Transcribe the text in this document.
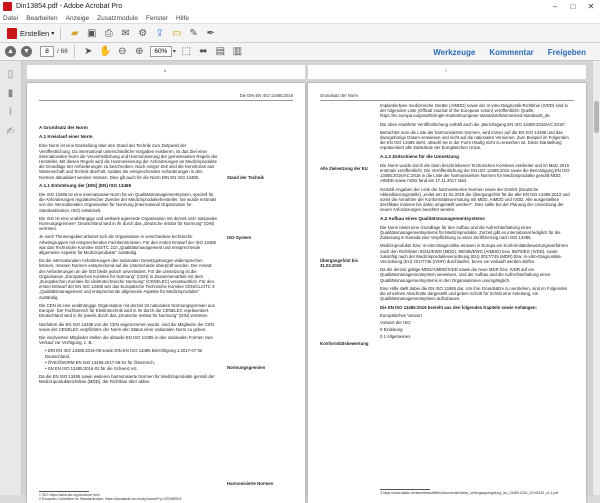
Din13854.pdf - Adobe Acrobat Pro	–	□	✕
Datei Bearbeiten Anzeige Zusatzmodule Fenster Hilfe
Erstellen ▾ ▰ ▣ ⎙ ✉ ⚙ ⇪ ▭ ✎ ✒
▲ ▼	8	/ 66 ➤ ✋ ⊖ ⊕	60% ▾ ⬚ ⬌ ▤ ▥	Werkzeuge Kommentar Freigeben
▯
▮
⌇
✍
6	7
Die DIN EN ISO 13485:2016
A Grundsatz der Norm
A.1 Kreislauf einer Norm

Eine Norm ist eine Darstellung über den Stand der Technik zum Zeitpunkt der Veröffentlichung. Da international unterschiedliche Vorgaben existieren, ist das Ziel einer internationalen Norm die Vereinheitlichung und Harmonisierung der gemeinsamen Regeln der Hersteller. Mit diesen Regeln wird die Harmonisierung der Anforderungen an Medizinprodukte als Grundlage der Anforderungen zu beschreiben. Nach einiger Zeit sind die Kenntnisse aus Wissenschaft und Technik überholt, sodass die entsprechenden Anforderungen in den Normen aktualisiert werden müssen. Dies gilt auch für die Norm DIN EN ISO 13485.

A.1.1 Entstehung der [DIN] (EN) ISO 13485

Die ISO 13485 ist eine internationale Norm für ein Qualitätsmanagementsystem, speziell für die Anforderungen regulatorischer Zwecke der Medizinproduktehersteller. Sie wurde erstmals von der Internationalen Organisation für Normung (International Organization for Standardization, ISO) entwickelt.

Die ISO ist eine unabhängige und weltweit agierende Organisation mit derzeit 161¹ nationalen Normungsgremien². Deutschland wird in ihr durch das „Deutsche Institut für Normung“ (DIN) vertreten.

Je nach Themengebiet arbeitet sich die Organisation in verschiedene technische Arbeitsgruppen mit entsprechenden Fachkenntnissen. Für den ersten Entwurf der ISO 13485 war das Technische Komitee ISO/TC 210 „Qualitätsmanagement und entsprechende allgemeine Aspekte für Medizinprodukte“ zuständig.

Da die internationalen Anforderungen den nationalen Gesetzgebungen widersprechen können, müssen Normen entsprechend auf die Unterschiede überprüft werden. Der Ansatz der Anforderungen an die ISO bleibt jedoch unverändert. Für die Umsetzung ist die Organisation „Europäisches Komitee für Normung“ (CEN) in Zusammenarbeit mit dem „Europäischen Komitee für elektrotechnische Normung“ (CENELEC) verantwortlich. Für den ersten Entwurf der EN ISO 13485 war das Europäische Technische Komitee CEN/CLC/TC 3 „Qualitätsmanagement und entsprechende allgemeine Aspekte für Medizinprodukte“ zuständig.

Die CEN ist eine unabhängige Organisation mit derzeit 34 nationalen Normungsgremien aus Europa². Der Fachbereich für Elektrotechnik wird in ihr durch die CENELEC repräsentiert. Deutschland wird in ihr jeweils durch das „Deutsche Institut für Normung“ (DIN) vertreten.

Nachdem die EN ISO 13485 von der CEN angenommen wurde, sind die Mitglieder der CEN sowie der CENELEC verpflichtet, der Norm den Status einer nationalen Norm zu geben.

Die involvierten Mitglieder stellen die aktuelle EN ISO 13485 in den nationalen Formen zum Verkauf zur Verfügung, z. B.:

• DIN EN ISO 13485:2016-08 sowie DIN EN ISO 13485 Berichtigung 1:2017-07 für Deutschland,

• ÖVE/ÖNORM EN ISO 13485:2017-06-01 für Österreich,

• SN EN ISO 13485:2016-03 für die Schweiz etc.

Da die EN ISO 13485 sowie weiteren harmonisierte Normen für Medizinprodukte gemäß der Medizinprodukterichtlinie (MDD), der Richtlinie über aktive

Stand der Technik
ISO-System
Normungsgremien
Harmonisierte Normen
1 ISO: https://www.iso.org/structure.html
2 European Committee for Standardization: https://standards.cen.eu/dyn/www/f?p=CENWEB:5
Grundsatz der Norm
Alle Zielsetzung der EU
Übergangsfrist bis 31.03.2019
Konformitätsbewertung

Implantierbare medizinische Geräte (AIMDD) sowie der In-vitro-Diagnostik-Richtlinie (IVDD) sind in der folgenden Liste (Official Journal of the European Union) veröffentlicht: Quelle: https://ec.europa.eu/growth/single-market/european-standards/harmonised-standards_de

Die oben erwähnte Veröffentlichung enthält auch die „Berichtigung EN ISO 13485:2016/AC:2016“.

Betrachtet man die Liste der harmonisierten Normen, wird immer auf die EN ISO 13485 und das dazugehörige Datum verwiesen und nicht auf die nationalen Versionen. Zum Beispiel im Folgenden die EN ISO 13485 steht, obwohl sie in der Form Häufig nicht zu erwerben ist. Diese Darstellung repräsentiert alle Zielstände der Europäischen Union.

A.1.2 Zeitschiene für die Umsetzung

Die Norm wurde durch die oben beschriebenen Technischen Komitees erarbeitet und im März 2016 erstmals veröffentlicht. Die Veröffentlichung der EN ISO 13485:2016 sowie die Berichtigung EN ISO 13485:2016/AC:2016 in die Liste der harmonisierten Normen für Medizinprodukte gemäß MDD, AIMDD sowie IVDD fand am 17.11.2017 statt.

Gemäß Angaben der Liste der harmonisierten Normen sowie der DAkkS (Deutsche Akkreditierungsstelle) „endet am 31.03.2019 die Übergangsfrist für die alte EN ISO 13485:2012 und somit die Annahme der Konformitätsvermutung mit MDD, AIMDD und IVDD. Alle ausgestellten Zertifikate müssen bis dahin umgestellt werden³“. Dies sollte bei der Planung der Umsetzung der neuen Anforderungen beachtet werden.

A.2 Aufbau eines Qualitätsmanagementsystems

Die Norm bietet eine Grundlage für den Aufbau und die Aufrechterhaltung eines Qualitätsmanagementsystems für Medizinprodukte. Zurzeit gibt es international lediglich für die Zulassung in Kanada eine Verpflichtung zu einer Zertifizierung nach ISO 13485.

Medizinprodukte bzw. In-vitro-Diagnostika müssen in Europa ein Konformitätsbewertungsverfahren nach den Richtlinien 93/42/EWG (MDD), 90/385/EWG (AIMDD) bzw. 98/79/EG (IVDD), sowie zukünftig nach der Medizinprodukteverordnung (EU) 2017/745 (MDR) bzw. In-vitro-Diagnostika-Verordnung (EU) 2017/746 (IVDR) durchlaufen, bevor sie verkauft werden dürfen.

Da die derzeit gültige MDD/AIMDD/IVDD sowie die neue MDR bzw. IVDR auf ein Qualitätsmanagementsystem verweisen, sind der Aufbau und die Aufrechterhaltung eines Qualitätsmanagementsystems in den Organisationen unumgänglich.

Eine Hilfe stellt dabei die EN ISO 13485 dar. Um ihre Grundsätze zu verstehen, sind im Folgenden die einzelnen Abschnitte dargestellt und geben Schritt für Schritt eine Anleitung, ein Qualitätsmanagementsystem aufzubauen.

Die EN ISO 13485:2016 besteht aus den folgenden Kapiteln sowie Anhängen:

Europäisches Vorwort

Vorwort der ISO

0 Einleitung

0.1 Allgemeines

3 https://www.dakks.de/sites/default/files/dokumente/dakks_uebergangsregelung_iso_13485-2016_20180116_v1.1.pdf
